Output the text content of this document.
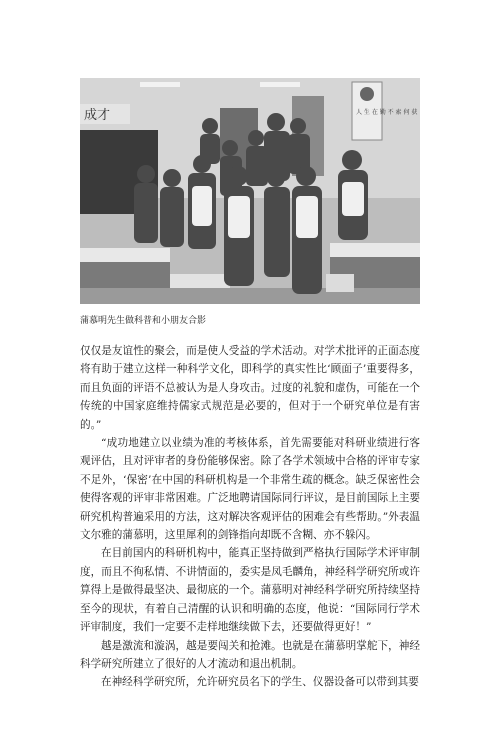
成才	人 生 在 勤 不 索 何 获
蒲慕明先生做科普和小朋友合影

仅仅是友谊性的聚会，而是使人受益的学术活动。对学术批评的正面态度将有助于建立这样一种科学文化，即科学的真实性比‘顾面子’重要得多，而且负面的评语不总被认为是人身攻击。过度的礼貌和虚伪，可能在一个传统的中国家庭维持儒家式规范是必要的，但对于一个研究单位是有害的。”

“成功地建立以业绩为准的考核体系，首先需要能对科研业绩进行客观评估，且对评审者的身份能够保密。除了各学术领域中合格的评审专家不足外，‘保密’在中国的科研机构是一个非常生疏的概念。缺乏保密性会使得客观的评审非常困难。广泛地聘请国际同行评议，是目前国际上主要研究机构普遍采用的方法，这对解决客观评估的困难会有些帮助。”外表温文尔雅的蒲慕明，这里犀利的剑锋指向却既不含糊、亦不躲闪。

在目前国内的科研机构中，能真正坚持做到严格执行国际学术评审制度，而且不徇私情、不讲情面的，委实是凤毛麟角，神经科学研究所或许算得上是做得最坚决、最彻底的一个。蒲慕明对神经科学研究所持续坚持至今的现状，有着自己清醒的认识和明确的态度，他说：“国际同行学术评审制度，我们一定要不走样地继续做下去，还要做得更好！”

越是激流和漩涡，越是要闯关和抢滩。也就是在蒲慕明掌舵下，神经科学研究所建立了很好的人才流动和退出机制。

在神经科学研究所，允许研究员名下的学生、仪器设备可以带到其要
